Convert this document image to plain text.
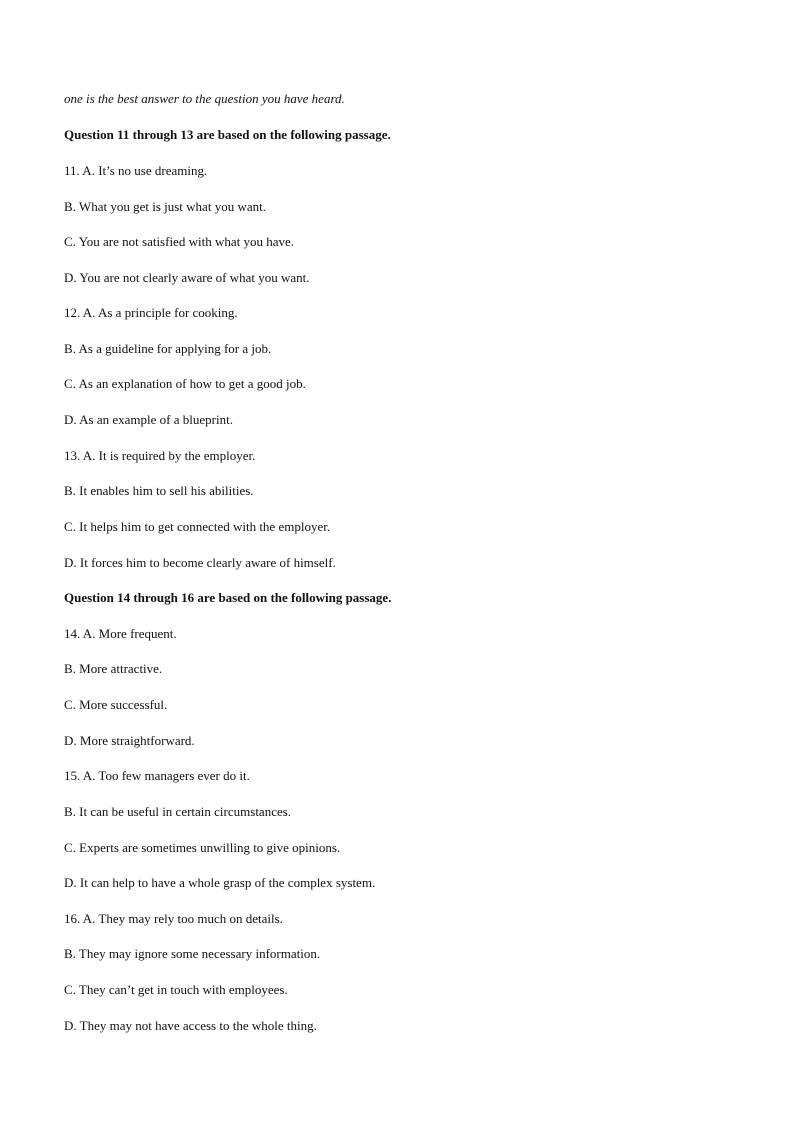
one is the best answer to the question you have heard.
Question 11 through 13 are based on the following passage.
11. A. It’s no use dreaming.
B. What you get is just what you want.
C. You are not satisfied with what you have.
D. You are not clearly aware of what you want.
12. A. As a principle for cooking.
B. As a guideline for applying for a job.
C. As an explanation of how to get a good job.
D. As an example of a blueprint.
13. A. It is required by the employer.
B. It enables him to sell his abilities.
C. It helps him to get connected with the employer.
D. It forces him to become clearly aware of himself.
Question 14 through 16 are based on the following passage.
14. A. More frequent.
B. More attractive.
C. More successful.
D. More straightforward.
15. A. Too few managers ever do it.
B. It can be useful in certain circumstances.
C. Experts are sometimes unwilling to give opinions.
D. It can help to have a whole grasp of the complex system.
16. A. They may rely too much on details.
B. They may ignore some necessary information.
C. They can’t get in touch with employees.
D. They may not have access to the whole thing.
